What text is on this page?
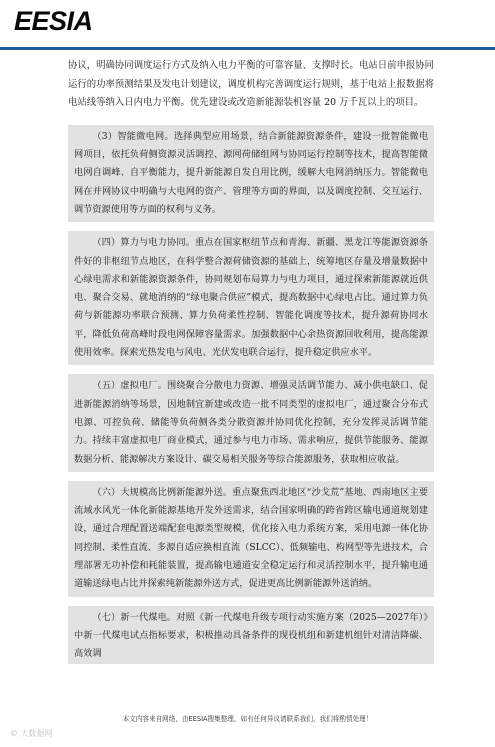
EESIA

协议，明确协同调度运行方式及纳入电力平衡的可靠容量、支撑时长。电站日前申报协同运行的功率预测结果及发电计划建议，调度机构完善调度运行规则，基于电站上报数据将电站线等纳入日内电力平衡。优先建设或改造新能源装机容量 20 万千瓦以上的项目。

（3）智能微电网。选择典型应用场景，结合新能源资源条件，建设一批智能微电网项目，依托负荷侧资源灵活调控、源网荷储组网与协同运行控制等技术，提高智能微电网自调峰、自平衡能力，提升新能源自发自用比例，缓解大电网消纳压力。智能微电网在并网协议中明确与大电网的资产、管理等方面的界面，以及调度控制、交互运行、调节资源使用等方面的权利与义务。

（四）算力与电力协同。重点在国家枢纽节点和青海、新疆、黑龙江等能源资源条件好的非枢纽节点地区，在科学整合源荷储资源的基础上，统筹地区存量及增量数据中心绿电需求和新能源资源条件，协同规划布局算力与电力项目，通过探索新能源就近供电、聚合交易、就地消纳的“绿电聚合供应”模式，提高数据中心绿电占比。通过算力负荷与新能源功率联合预测、算力负荷柔性控制、智能化调度等技术，提升源荷协同水平，降低负荷高峰时段电网保障容量需求。加强数据中心余热资源回收利用，提高能源使用效率。探索光热发电与风电、光伏发电联合运行，提升稳定供应水平。

（五）虚拟电厂。围绕聚合分散电力资源、增强灵活调节能力、减小供电缺口、促进新能源消纳等场景，因地制宜新建或改造一批不同类型的虚拟电厂，通过聚合分布式电源、可控负荷、储能等负荷侧各类分散资源并协同优化控制，充分发挥灵活调节能力。持续丰富虚拟电厂商业模式，通过参与电力市场、需求响应，提供节能服务、能源数据分析、能源解决方案设计、碳交易相关服务等综合能源服务，获取相应收益。

（六）大规模高比例新能源外送。重点聚焦西北地区“沙戈荒”基地、西南地区主要流域水风光一体化新能源基地开发外送需求，结合国家明确的跨省跨区输电通道规划建设，通过合理配置送端配套电源类型规模，优化接入电力系统方案，采用电源一体化协同控制、柔性直流、多源自适应换相直流（SLCC）、低频输电、构网型等先进技术，合理部署无功补偿和耗能装置，提高输电通道安全稳定运行和灵活控制水平，提升输电通道输送绿电占比并探索纯新能源外送方式，促进更高比例新能源外送消纳。

（七）新一代煤电。对照《新一代煤电升级专项行动实施方案（2025—2027年）》中新一代煤电试点指标要求，积极推动具备条件的现役机组和新建机组针对清洁降碳、高效调

本文内容来自网络，由EESIA搜集整理，如有任何异议请联系我们，我们将酌情处理！
© 大数据网
